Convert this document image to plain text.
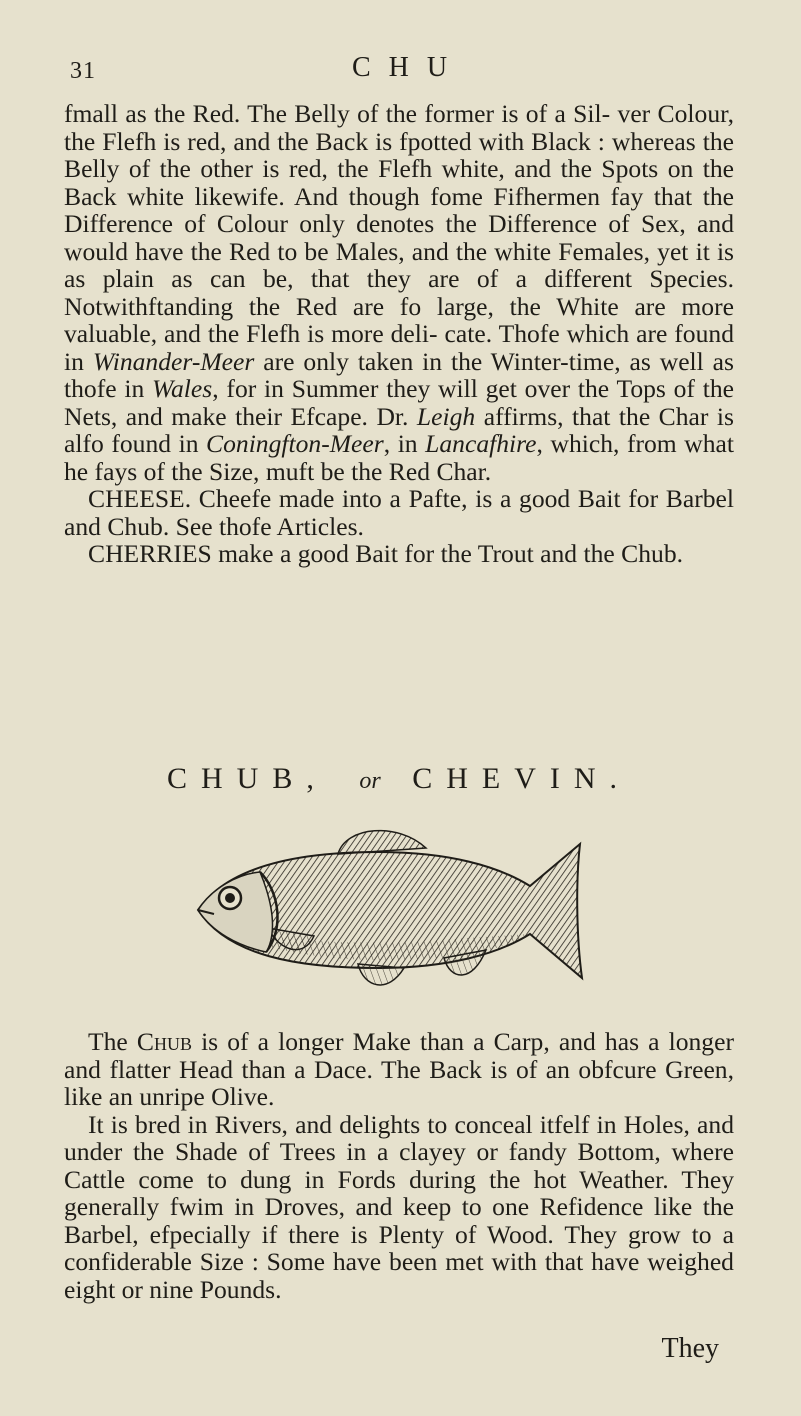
31	CHU

fmall as the Red. The Belly of the former is of a Sil- ver Colour, the Flefh is red, and the Back is fpotted with Black : whereas the Belly of the other is red, the Flefh white, and the Spots on the Back white likewife. And though fome Fifhermen fay that the Difference of Colour only denotes the Difference of Sex, and would have the Red to be Males, and the white Females, yet it is as plain as can be, that they are of a different Species. Notwithftanding the Red are fo large, the White are more valuable, and the Flefh is more deli- cate. Thofe which are found in Winander-Meer are only taken in the Winter-time, as well as thofe in Wales, for in Summer they will get over the Tops of the Nets, and make their Efcape. Dr. Leigh affirms, that the Char is alfo found in Coningfton-Meer, in Lancafhire, which, from what he fays of the Size, muft be the Red Char.

CHEESE. Cheefe made into a Pafte, is a good Bait for Barbel and Chub. See thofe Articles.

CHERRIES make a good Bait for the Trout and the Chub.

CHUB, or CHEVIN.

The Chub is of a longer Make than a Carp, and has a longer and flatter Head than a Dace. The Back is of an obfcure Green, like an unripe Olive.

It is bred in Rivers, and delights to conceal itfelf in Holes, and under the Shade of Trees in a clayey or fandy Bottom, where Cattle come to dung in Fords during the hot Weather. They generally fwim in Droves, and keep to one Refidence like the Barbel, efpecially if there is Plenty of Wood. They grow to a confiderable Size : Some have been met with that have weighed eight or nine Pounds.

They
